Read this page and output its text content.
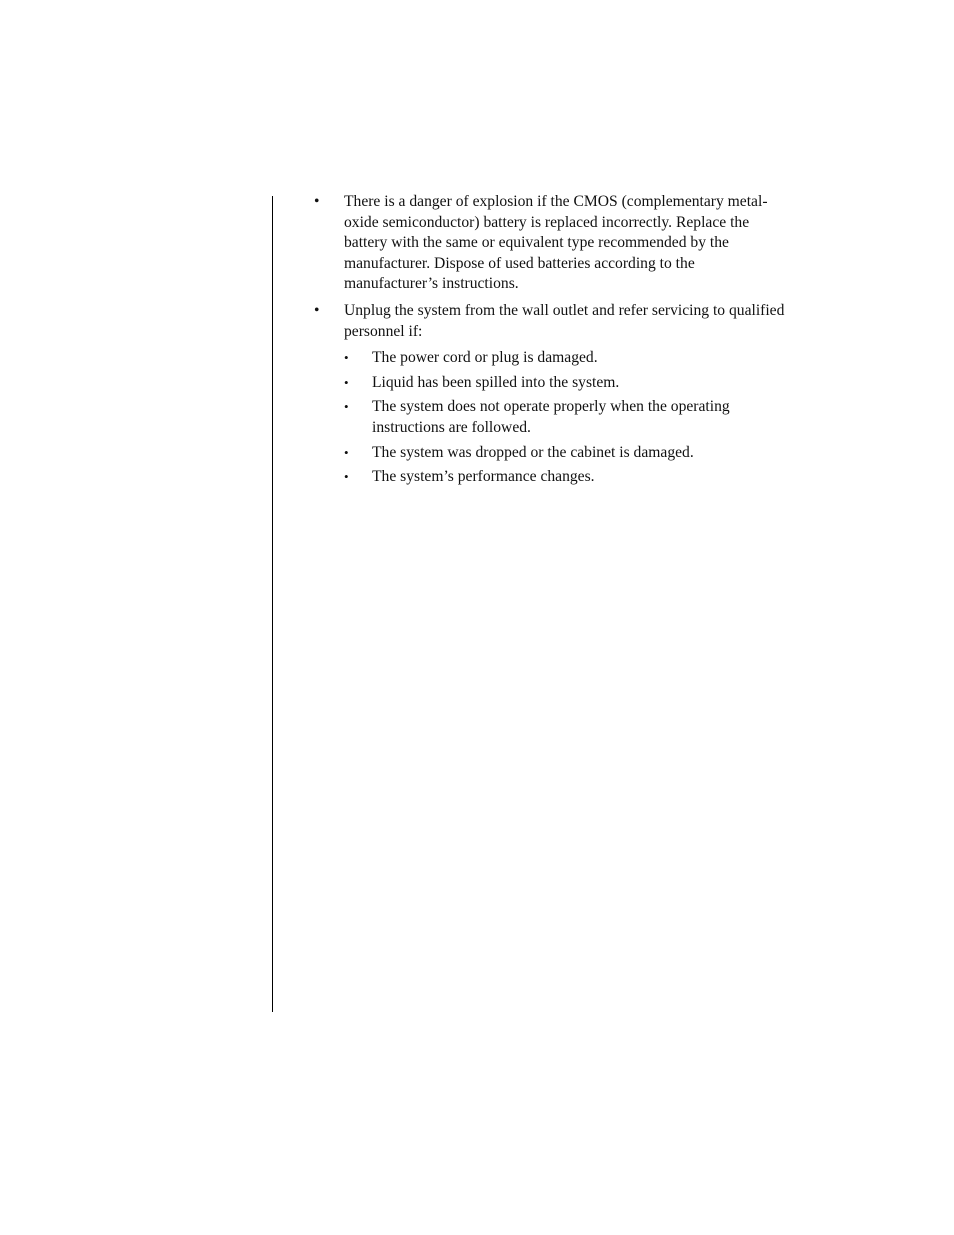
• There is a danger of explosion if the CMOS (complementary metal-oxide semiconductor) battery is replaced incorrectly. Replace the battery with the same or equivalent type recommended by the manufacturer. Dispose of used batteries according to the manufacturer’s instructions.
• Unplug the system from the wall outlet and refer servicing to qualified personnel if:
• The power cord or plug is damaged.
• Liquid has been spilled into the system.
• The system does not operate properly when the operating instructions are followed.
• The system was dropped or the cabinet is damaged.
• The system’s performance changes.
